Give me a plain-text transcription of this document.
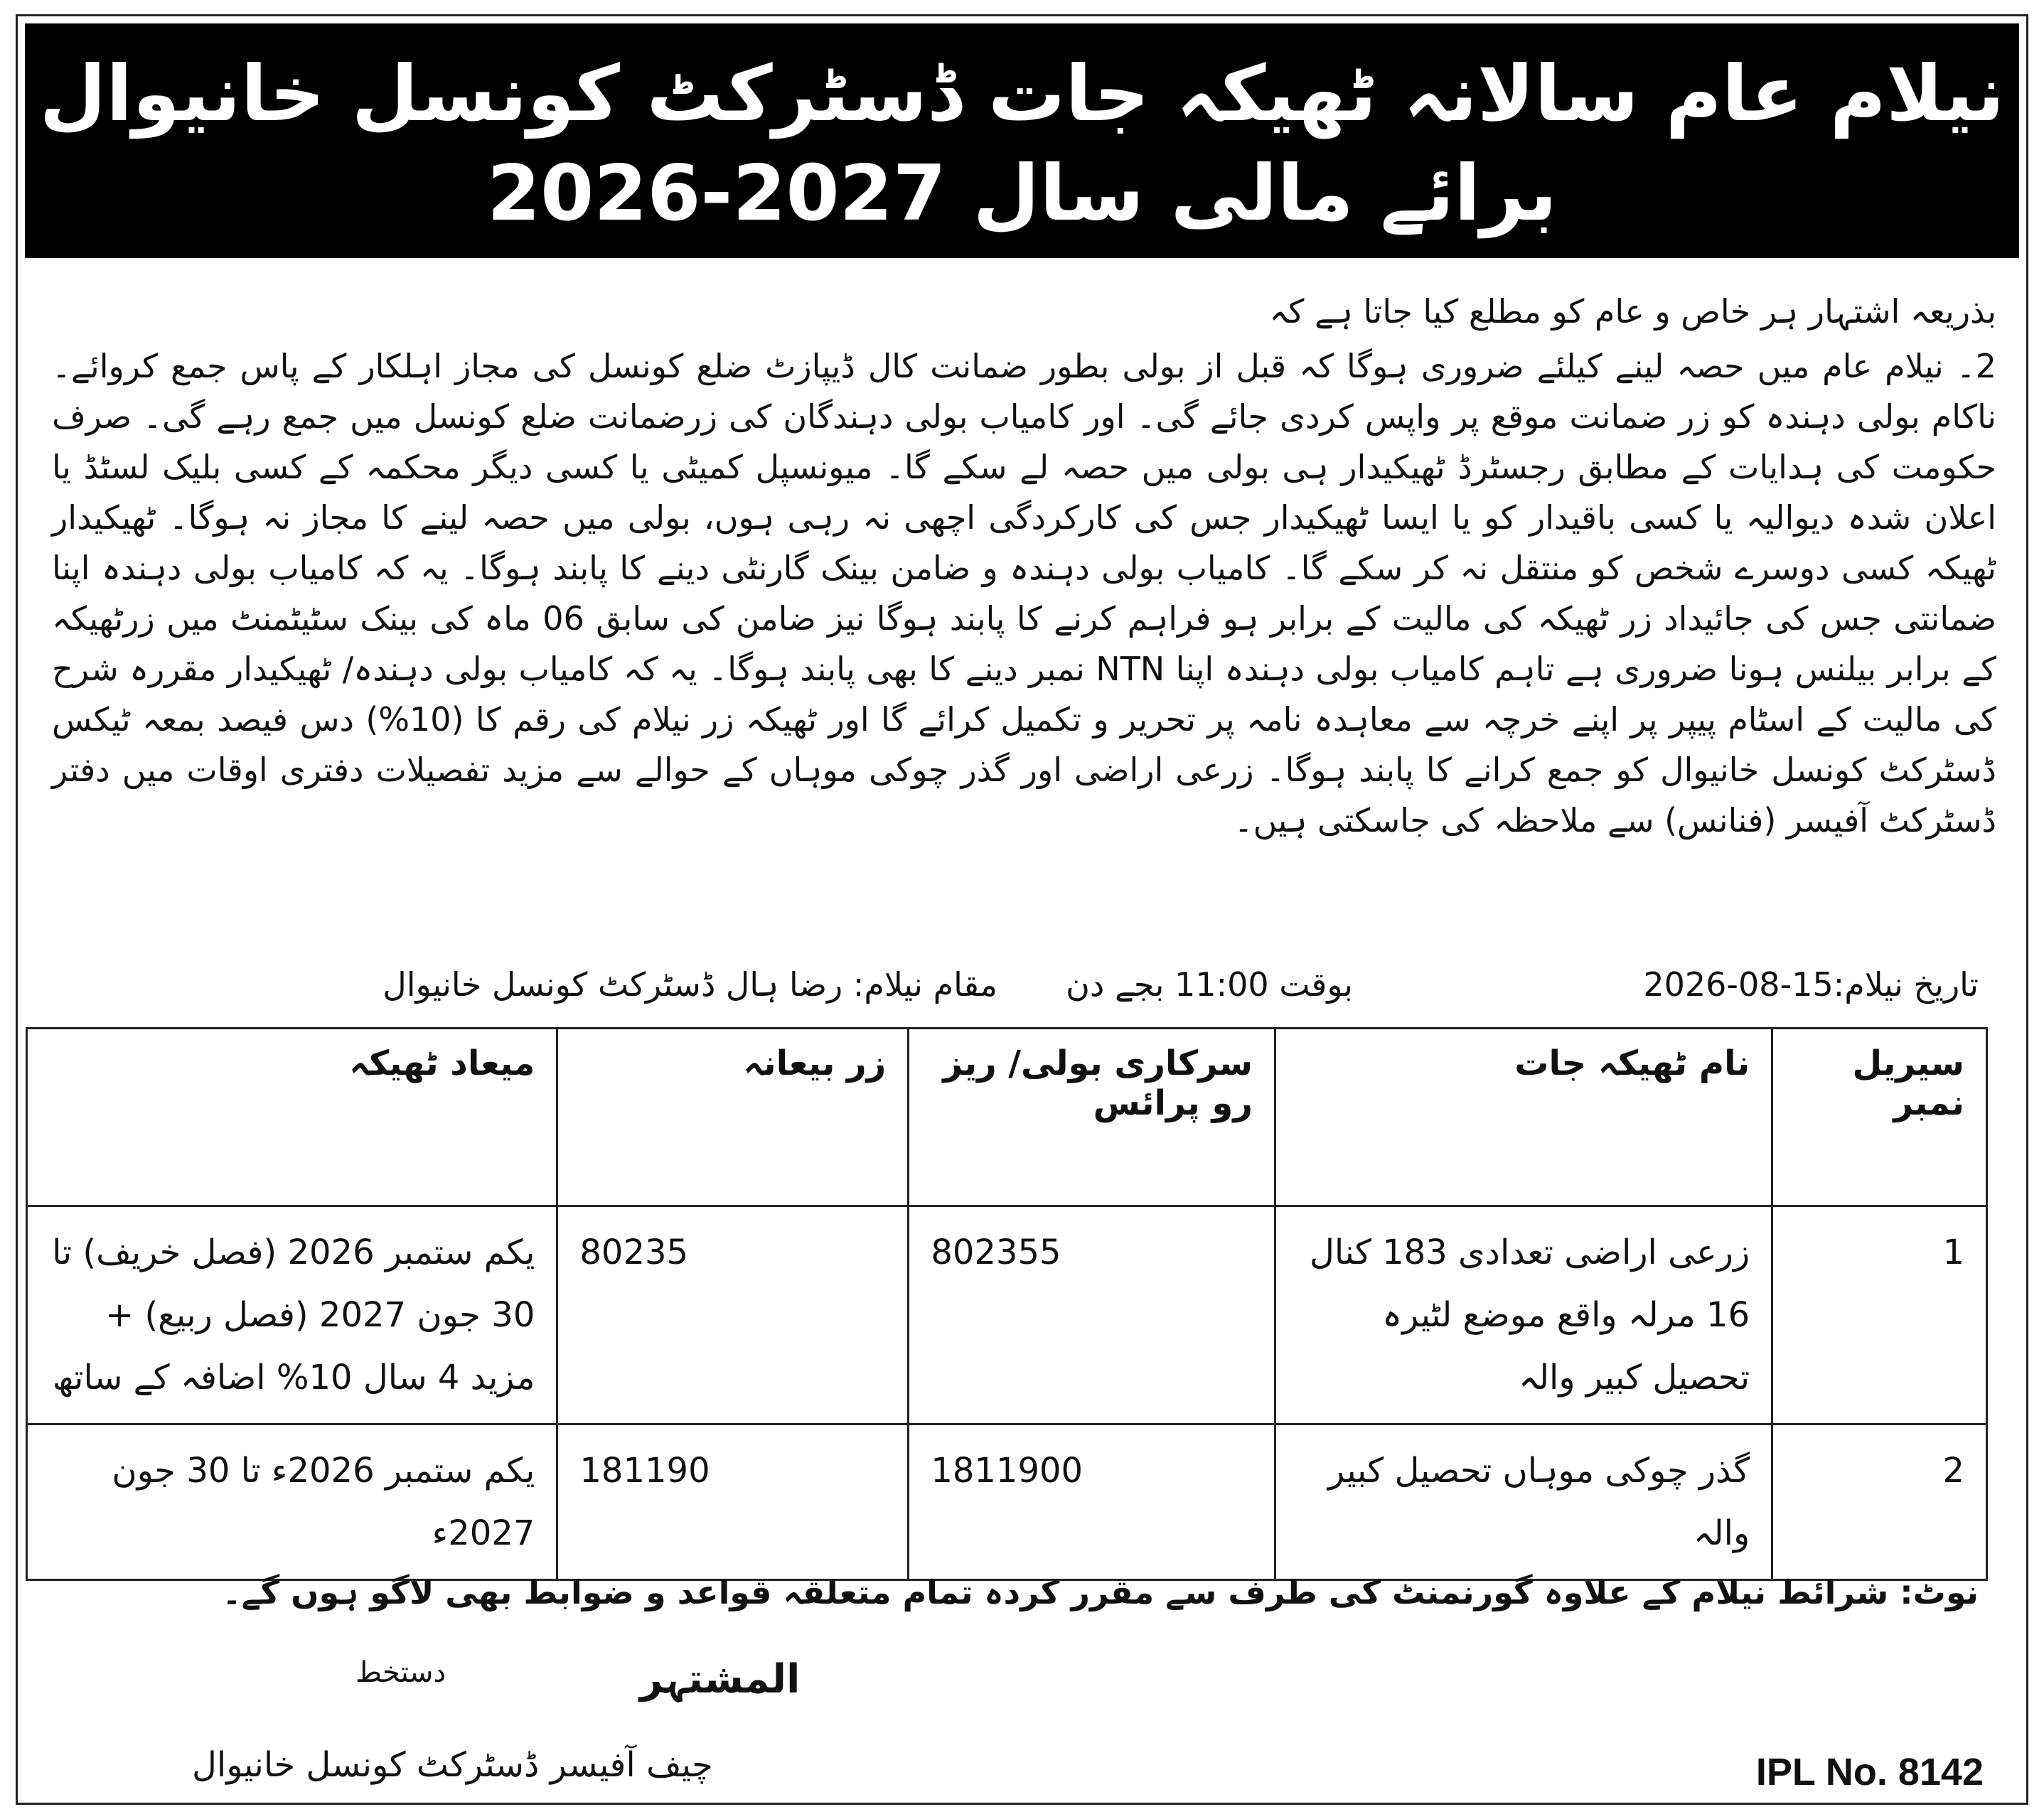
نیلام عام سالانہ ٹھیکہ جات ڈسٹرکٹ کونسل خانیوال
برائے مالی سال 2027-2026

بذریعہ اشتہار ہر خاص و عام کو مطلع کیا جاتا ہے کہ

2۔ نیلام عام میں حصہ لینے کیلئے ضروری ہوگا کہ قبل از بولی بطور ضمانت کال ڈیپازٹ ضلع کونسل کی مجاز اہلکار کے پاس جمع کروائے۔ ناکام بولی دہندہ کو زر ضمانت موقع پر واپس کردی جائے گی۔ اور کامیاب بولی دہندگان کی زرضمانت ضلع کونسل میں جمع رہے گی۔ صرف حکومت کی ہدایات کے مطابق رجسٹرڈ ٹھیکیدار ہی بولی میں حصہ لے سکے گا۔ میونسپل کمیٹی یا کسی دیگر محکمہ کے کسی بلیک لسٹڈ یا اعلان شدہ دیوالیہ یا کسی باقیدار کو یا ایسا ٹھیکیدار جس کی کارکردگی اچھی نہ رہی ہوں، بولی میں حصہ لینے کا مجاز نہ ہوگا۔ ٹھیکیدار ٹھیکہ کسی دوسرے شخص کو منتقل نہ کر سکے گا۔ کامیاب بولی دہندہ و ضامن بینک گارنٹی دینے کا پابند ہوگا۔ یہ کہ کامیاب بولی دہندہ اپنا ضمانتی جس کی جائیداد زر ٹھیکہ کی مالیت کے برابر ہو فراہم کرنے کا پابند ہوگا نیز ضامن کی سابق 06 ماہ کی بینک سٹیٹمنٹ میں زرٹھیکہ کے برابر بیلنس ہونا ضروری ہے تاہم کامیاب بولی دہندہ اپنا NTN نمبر دینے کا بھی پابند ہوگا۔ یہ کہ کامیاب بولی دہندہ/ ٹھیکیدار مقررہ شرح کی مالیت کے اسٹام پیپر پر اپنے خرچہ سے معاہدہ نامہ پر تحریر و تکمیل کرائے گا اور ٹھیکہ زر نیلام کی رقم کا (10%) دس فیصد بمعہ ٹیکس ڈسٹرکٹ کونسل خانیوال کو جمع کرانے کا پابند ہوگا۔ زرعی اراضی اور گذر چوکی موہاں کے حوالے سے مزید تفصیلات دفتری اوقات میں دفتر ڈسٹرکٹ آفیسر (فنانس) سے ملاحظہ کی جاسکتی ہیں۔

تاریخ نیلام:15-08-2026
بوقت 11:00 بجے دن
مقام نیلام: رضا ہال ڈسٹرکٹ کونسل خانیوال
سیریل نمبر	نام ٹھیکہ جات	سرکاری بولی/ ریز رو پرائس	زر بیعانہ	میعاد ٹھیکہ
1	زرعی اراضی تعدادی 183 کنال 16 مرلہ واقع موضع لٹیرہ تحصیل کبیر والہ	802355	80235	یکم ستمبر 2026 (فصل خریف) تا 30 جون 2027 (فصل ربیع) + مزید 4 سال 10% اضافہ کے ساتھ
2	گذر چوکی موہاں تحصیل کبیر والہ	1811900	181190	یکم ستمبر 2026ء تا 30 جون 2027ء
نوٹ: شرائط نیلام کے علاوہ گورنمنٹ کی طرف سے مقرر کردہ تمام متعلقہ قواعد و ضوابط بھی لاگو ہوں گے۔
المشتہر
دستخط
چیف آفیسر ڈسٹرکٹ کونسل خانیوال	IPL No. 8142
